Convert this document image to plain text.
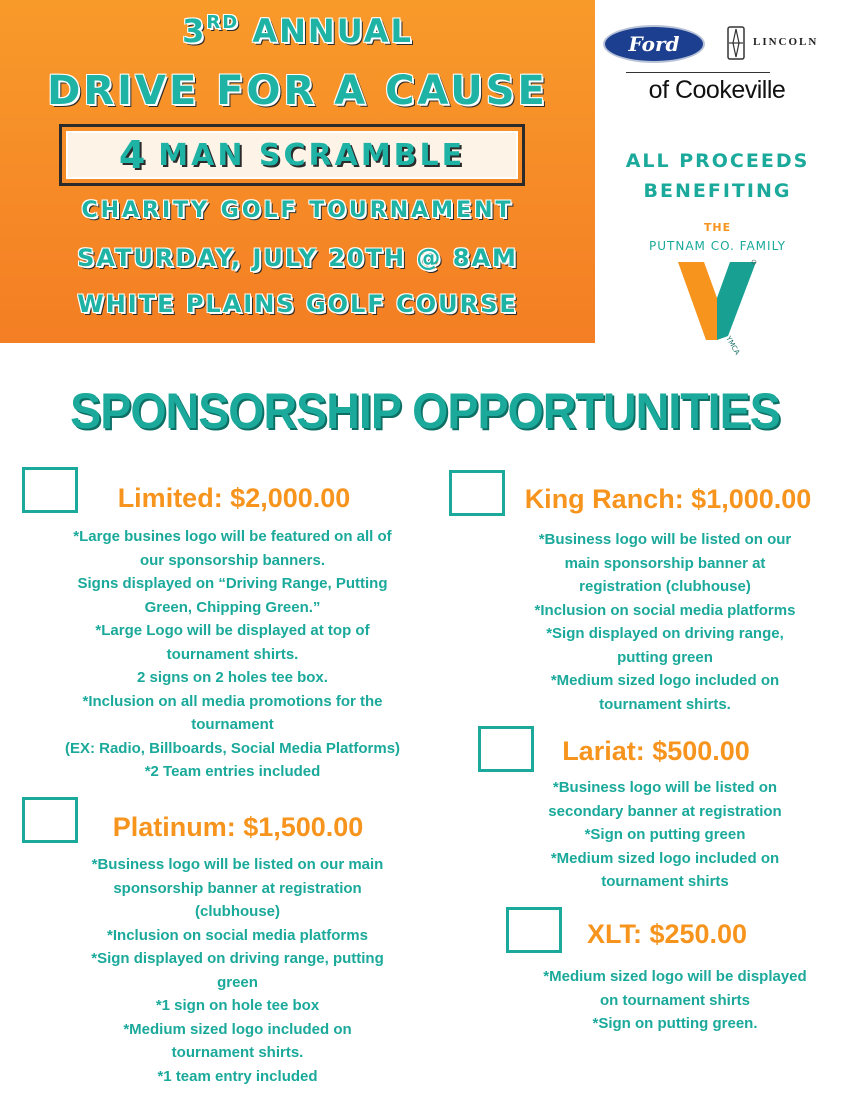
3RD ANNUAL
DRIVE FOR A CAUSE
4 MAN SCRAMBLE
CHARITY GOLF TOURNAMENT
SATURDAY, JULY 20TH @ 8AM
WHITE PLAINS GOLF COURSE
Ford	LINCOLN
of Cookeville
ALL PROCEEDS
BENEFITING
THE
PUTNAM CO. FAMILY
YMCA
SPONSORSHIP OPPORTUNITIES
Limited: $2,000.00
*Large busines logo will be featured on all of
our sponsorship banners.
Signs displayed on “Driving Range, Putting
Green, Chipping Green.”
*Large Logo will be displayed at top of
tournament shirts.
2 signs on 2 holes tee box.
*Inclusion on all media promotions for the
tournament
(EX: Radio, Billboards, Social Media Platforms)
*2 Team entries included
Platinum: $1,500.00
*Business logo will be listed on our main
sponsorship banner at registration
(clubhouse)
*Inclusion on social media platforms
*Sign displayed on driving range, putting
green
*1 sign on hole tee box
*Medium sized logo included on
tournament shirts.
*1 team entry included
King Ranch: $1,000.00
*Business logo will be listed on our
main sponsorship banner at
registration (clubhouse)
*Inclusion on social media platforms
*Sign displayed on driving range,
putting green
*Medium sized logo included on
tournament shirts.
Lariat: $500.00
*Business logo will be listed on
secondary banner at registration
*Sign on putting green
*Medium sized logo included on
tournament shirts
XLT: $250.00
*Medium sized logo will be displayed
on tournament shirts
*Sign on putting green.
